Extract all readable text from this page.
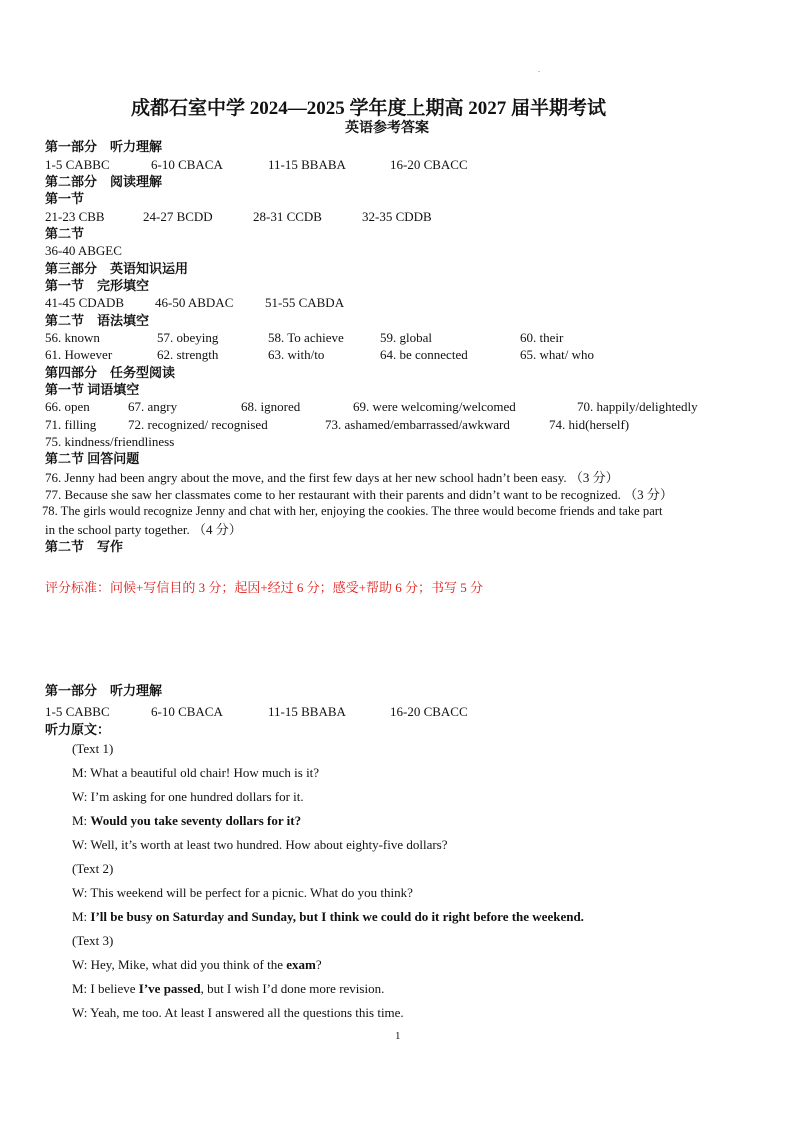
.
成都石室中学 2024—2025 学年度上期高 2027 届半期考试
英语参考答案
第一部分　听力理解
1-5 CABBC	6-10 CBACA	11-15 BBABA	16-20 CBACC
第二部分　阅读理解
第一节
21-23 CBB	24-27 BCDD	28-31 CCDB	32-35 CDDB
第二节
36-40 ABGEC
第三部分　英语知识运用
第一节　完形填空
41-45 CDADB 46-50 ABDAC 51-55 CABDA
第二节　语法填空
56. known	57. obeying	58. To achieve	59. global	60. their
61. However	62. strength	63. with/to	64. be connected	65. what/ who
第四部分　任务型阅读
第一节 词语填空
66. open	67. angry	68. ignored	69. were welcoming/welcomed	70. happily/delightedly
71. filling 72. recognized/ recognised	73. ashamed/embarrassed/awkward	74. hid(herself)
75. kindness/friendliness
第二节 回答问题
76. Jenny had been angry about the move, and the first few days at her new school hadn’t been easy. （3 分）
77. Because she saw her classmates come to her restaurant with their parents and didn’t want to be recognized. （3 分）
78. The girls would recognize Jenny and chat with her, enjoying the cookies. The three would become friends and take part
in the school party together. （4 分）
第二节　写作
评分标准：问候+写信目的 3 分；起因+经过 6 分；感受+帮助 6 分；书写 5 分
第一部分　听力理解
1-5 CABBC	6-10 CBACA	11-15 BBABA	16-20 CBACC
听力原文：
(Text 1)
M: What a beautiful old chair! How much is it?
W: I’m asking for one hundred dollars for it.
M: Would you take seventy dollars for it?
W: Well, it’s worth at least two hundred. How about eighty-five dollars?
(Text 2)
W: This weekend will be perfect for a picnic. What do you think?
M: I’ll be busy on Saturday and Sunday, but I think we could do it right before the weekend.
(Text 3)
W: Hey, Mike, what did you think of the exam?
M: I believe I’ve passed, but I wish I’d done more revision.
W: Yeah, me too. At least I answered all the questions this time.
1
